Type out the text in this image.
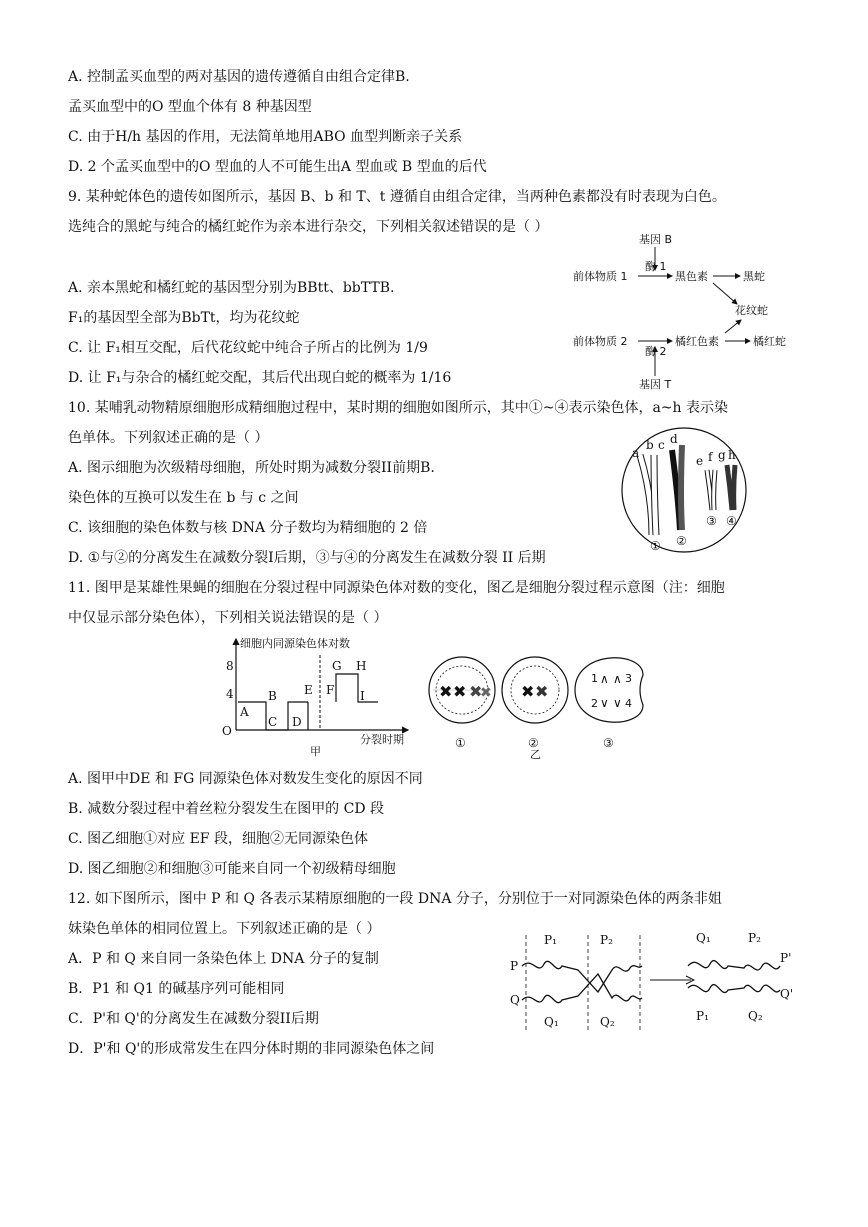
A. 控制孟买血型的两对基因的遗传遵循自由组合定律B.
孟买血型中的O 型血个体有 8 种基因型
C. 由于H/h 基因的作用，无法简单地用ABO 血型判断亲子关系
D. 2 个孟买血型中的O 型血的人不可能生出A 型血或 B 型血的后代
9. 某种蛇体色的遗传如图所示，基因 B、b 和 T、t 遵循自由组合定律，当两种色素都没有时表现为白色。
选纯合的黑蛇与纯合的橘红蛇作为亲本进行杂交，下列相关叙述错误的是（ ）
A. 亲本黑蛇和橘红蛇的基因型分别为BBtt、bbTTB.
F₁的基因型全部为BbTt，均为花纹蛇
C. 让 F₁相互交配，后代花纹蛇中纯合子所占的比例为 1/9
D. 让 F₁与杂合的橘红蛇交配，其后代出现白蛇的概率为 1/16
10. 某哺乳动物精原细胞形成精细胞过程中，某时期的细胞如图所示，其中①~④表示染色体，a~h 表示染
色单体。下列叙述正确的是（ ）
A. 图示细胞为次级精母细胞，所处时期为减数分裂II前期B.
染色体的互换可以发生在 b 与 c 之间
C. 该细胞的染色体数与核 DNA 分子数均为精细胞的 2 倍
D. ①与②的分离发生在减数分裂I后期，③与④的分离发生在减数分裂 II 后期
11. 图甲是某雄性果蝇的细胞在分裂过程中同源染色体对数的变化，图乙是细胞分裂过程示意图（注：细胞
中仅显示部分染色体），下列相关说法错误的是（ ）
A. 图甲中DE 和 FG 同源染色体对数发生变化的原因不同
B. 减数分裂过程中着丝粒分裂发生在图甲的 CD 段
C. 图乙细胞①对应 EF 段，细胞②无同源染色体
D. 图乙细胞②和细胞③可能来自同一个初级精母细胞
12. 如下图所示，图中 P 和 Q 各表示某精原细胞的一段 DNA 分子，分别位于一对同源染色体的两条非姐
妹染色单体的相同位置上。下列叙述正确的是（ ）
A．P 和 Q 来自同一条染色体上 DNA 分子的复制
B．P1 和 Q1 的碱基序列可能相同
C．P'和 Q'的分离发生在减数分裂II后期
D．P'和 Q'的形成常发生在四分体时期的非同源染色体之间
基因 B
酶 1
前体物质 1	黑色素	黑蛇
花纹蛇
前体物质 2	橘红色素	橘红蛇
酶 2
基因 T
a
b c d
e f g h
① ②
③ ④
细胞内同源染色体对数
分裂时期
O
4
8
甲
A
B
C D
E F
G H
I	✖ ✖ ✖
✖
①
✖ ✖
②
乙
1 ∧ 3
∧
2 ∨ ∨ 4
③
P₁	P₂
P
Q
Q₁	Q₂
Q₁	P₂
P'
Q'
P₁	Q₂
